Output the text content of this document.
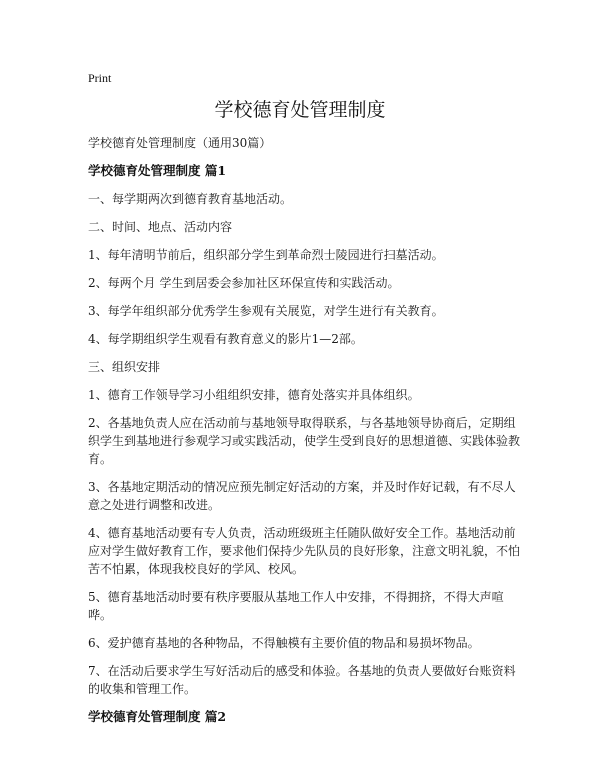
Print
学校德育处管理制度

学校德育处管理制度（通用30篇）

学校德育处管理制度 篇1

一、每学期两次到德育教育基地活动。

二、时间、地点、活动内容

1、每年清明节前后，组织部分学生到革命烈士陵园进行扫墓活动。

2、每两个月 学生到居委会参加社区环保宣传和实践活动。

3、每学年组织部分优秀学生参观有关展览，对学生进行有关教育。

4、每学期组织学生观看有教育意义的影片1—2部。

三、组织安排

1、德育工作领导学习小组组织安排，德育处落实并具体组织。

2、各基地负责人应在活动前与基地领导取得联系，与各基地领导协商后，定期组织学生到基地进行参观学习或实践活动，使学生受到良好的思想道德、实践体验教育。

3、各基地定期活动的情况应预先制定好活动的方案，并及时作好记载，有不尽人意之处进行调整和改进。

4、德育基地活动要有专人负责，活动班级班主任随队做好安全工作。基地活动前应对学生做好教育工作，要求他们保持少先队员的良好形象，注意文明礼貌，不怕苦不怕累，体现我校良好的学风、校风。

5、德育基地活动时要有秩序要服从基地工作人中安排，不得拥挤，不得大声喧哗。

6、爱护德育基地的各种物品，不得触模有主要价值的物品和易损坏物品。

7、在活动后要求学生写好活动后的感受和体验。各基地的负责人要做好台账资料的收集和管理工作。

学校德育处管理制度 篇2
